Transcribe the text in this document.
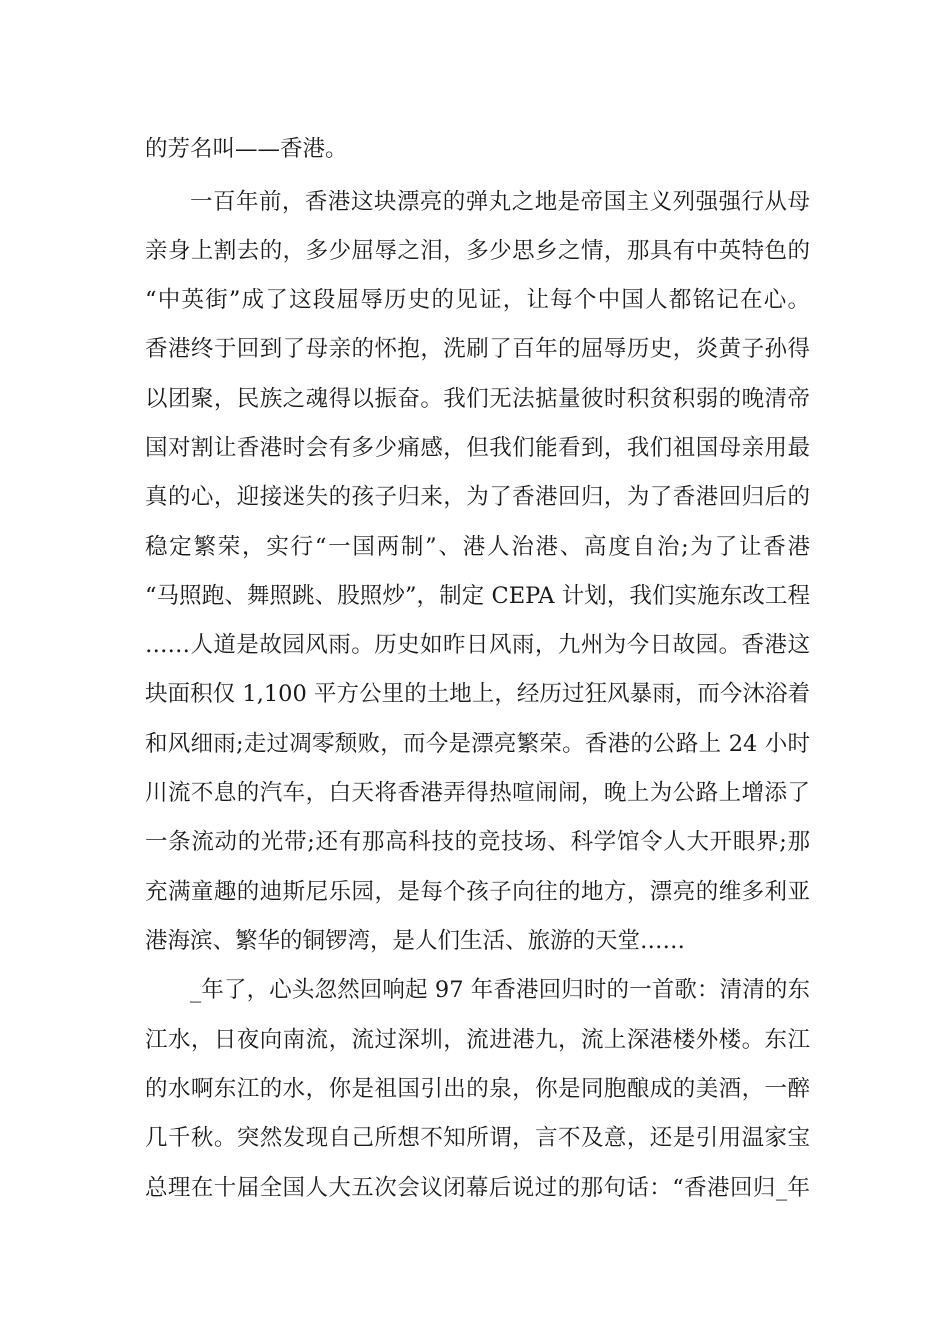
的芳名叫——香港。
一百年前，香港这块漂亮的弹丸之地是帝国主义列强强行从母
亲身上割去的，多少屈辱之泪，多少思乡之情，那具有中英特色的
“中英街”成了这段屈辱历史的见证，让每个中国人都铭记在心。
香港终于回到了母亲的怀抱，洗刷了百年的屈辱历史，炎黄子孙得
以团聚，民族之魂得以振奋。我们无法掂量彼时积贫积弱的晚清帝
国对割让香港时会有多少痛感，但我们能看到，我们祖国母亲用最
真的心，迎接迷失的孩子归来，为了香港回归，为了香港回归后的
稳定繁荣，实行“一国两制”、港人治港、高度自治;为了让香港
“马照跑、舞照跳、股照炒”，制定 CEPA 计划，我们实施东改工程
……人道是故园风雨。历史如昨日风雨，九州为今日故园。香港这
块面积仅 1,100 平方公里的土地上，经历过狂风暴雨，而今沐浴着
和风细雨;走过凋零颓败，而今是漂亮繁荣。香港的公路上 24 小时
川流不息的汽车，白天将香港弄得热喧闹闹，晚上为公路上增添了
一条流动的光带;还有那高科技的竞技场、科学馆令人大开眼界;那
充满童趣的迪斯尼乐园，是每个孩子向往的地方，漂亮的维多利亚
港海滨、繁华的铜锣湾，是人们生活、旅游的天堂……
_年了，心头忽然回响起 97 年香港回归时的一首歌：清清的东
江水，日夜向南流，流过深圳，流进港九，流上深港楼外楼。东江
的水啊东江的水，你是祖国引出的泉，你是同胞酿成的美酒，一醉
几千秋。突然发现自己所想不知所谓，言不及意，还是引用温家宝
总理在十届全国人大五次会议闭幕后说过的那句话：“香港回归_年
